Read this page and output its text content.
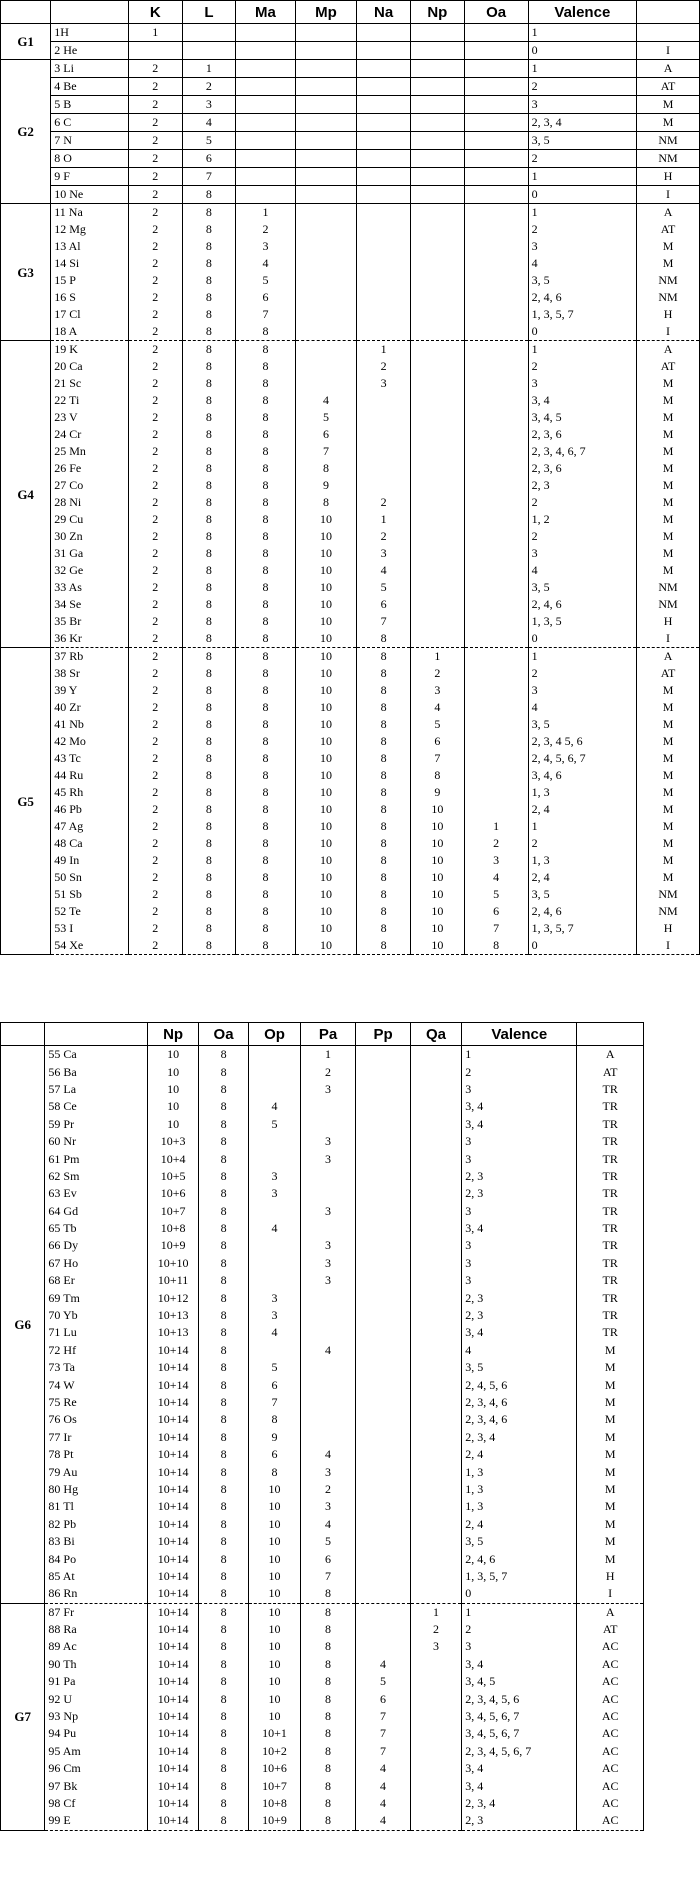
		K	L	Ma	Mp	Na	Np	Oa	Valence	
G1	1H	1							1	
	2 He								0	I
G2	3 Li	2	1						1	A
	4 Be	2	2						2	AT
	5 B	2	3						3	M
	6 C	2	4						2, 3, 4	M
	7 N	2	5						3, 5	NM
	8 O	2	6						2	NM
	9 F	2	7						1	H
	10 Ne	2	8						0	I
G3	11 Na	2	8	1					1	A
	12 Mg	2	8	2					2	AT
	13 Al	2	8	3					3	M
	14 Si	2	8	4					4	M
	15 P	2	8	5					3, 5	NM
	16 S	2	8	6					2, 4, 6	NM
	17 Cl	2	8	7					1, 3, 5, 7	H
	18 A	2	8	8					0	I
G4	19 K	2	8	8		1			1	A
	20 Ca	2	8	8		2			2	AT
	21 Sc	2	8	8		3			3	M
	22 Ti	2	8	8	4				3, 4	M
	23 V	2	8	8	5				3, 4, 5	M
	24 Cr	2	8	8	6				2, 3, 6	M
	25 Mn	2	8	8	7				2, 3, 4, 6, 7	M
	26 Fe	2	8	8	8				2, 3, 6	M
	27 Co	2	8	8	9				2, 3	M
	28 Ni	2	8	8	8	2			2	M
	29 Cu	2	8	8	10	1			1, 2	M
	30 Zn	2	8	8	10	2			2	M
	31 Ga	2	8	8	10	3			3	M
	32 Ge	2	8	8	10	4			4	M
	33 As	2	8	8	10	5			3, 5	NM
	34 Se	2	8	8	10	6			2, 4, 6	NM
	35 Br	2	8	8	10	7			1, 3, 5	H
	36 Kr	2	8	8	10	8			0	I
G5	37 Rb	2	8	8	10	8	1		1	A
	38 Sr	2	8	8	10	8	2		2	AT
	39 Y	2	8	8	10	8	3		3	M
	40 Zr	2	8	8	10	8	4		4	M
	41 Nb	2	8	8	10	8	5		3, 5	M
	42 Mo	2	8	8	10	8	6		2, 3, 4 5, 6	M
	43 Tc	2	8	8	10	8	7		2, 4, 5, 6, 7	M
	44 Ru	2	8	8	10	8	8		3, 4, 6	M
	45 Rh	2	8	8	10	8	9		1, 3	M
	46 Pb	2	8	8	10	8	10		2, 4	M
	47 Ag	2	8	8	10	8	10	1	1	M
	48 Ca	2	8	8	10	8	10	2	2	M
	49 In	2	8	8	10	8	10	3	1, 3	M
	50 Sn	2	8	8	10	8	10	4	2, 4	M
	51 Sb	2	8	8	10	8	10	5	3, 5	NM
	52 Te	2	8	8	10	8	10	6	2, 4, 6	NM
	53 I	2	8	8	10	8	10	7	1, 3, 5, 7	H
	54 Xe	2	8	8	10	8	10	8	0	I
		Np	Oa	Op	Pa	Pp	Qa	Valence	
G6	55 Ca	10	8		1			1	A
	56 Ba	10	8		2			2	AT
	57 La	10	8		3			3	TR
	58 Ce	10	8	4				3, 4	TR
	59 Pr	10	8	5				3, 4	TR
	60 Nr	10+3	8		3			3	TR
	61 Pm	10+4	8		3			3	TR
	62 Sm	10+5	8	3				2, 3	TR
	63 Ev	10+6	8	3				2, 3	TR
	64 Gd	10+7	8		3			3	TR
	65 Tb	10+8	8	4				3, 4	TR
	66 Dy	10+9	8		3			3	TR
	67 Ho	10+10	8		3			3	TR
	68 Er	10+11	8		3			3	TR
	69 Tm	10+12	8	3				2, 3	TR
	70 Yb	10+13	8	3				2, 3	TR
	71 Lu	10+13	8	4				3, 4	TR
	72 Hf	10+14	8		4			4	M
	73 Ta	10+14	8	5				3, 5	M
	74 W	10+14	8	6				2, 4, 5, 6	M
	75 Re	10+14	8	7				2, 3, 4, 6	M
	76 Os	10+14	8	8				2, 3, 4, 6	M
	77 Ir	10+14	8	9				2, 3, 4	M
	78 Pt	10+14	8	6	4			2, 4	M
	79 Au	10+14	8	8	3			1, 3	M
	80 Hg	10+14	8	10	2			1, 3	M
	81 Tl	10+14	8	10	3			1, 3	M
	82 Pb	10+14	8	10	4			2, 4	M
	83 Bi	10+14	8	10	5			3, 5	M
	84 Po	10+14	8	10	6			2, 4, 6	M
	85 At	10+14	8	10	7			1, 3, 5, 7	H
	86 Rn	10+14	8	10	8			0	I
G7	87 Fr	10+14	8	10	8		1	1	A
	88 Ra	10+14	8	10	8		2	2	AT
	89 Ac	10+14	8	10	8		3	3	AC
	90 Th	10+14	8	10	8	4		3, 4	AC
	91 Pa	10+14	8	10	8	5		3, 4, 5	AC
	92 U	10+14	8	10	8	6		2, 3, 4, 5, 6	AC
	93 Np	10+14	8	10	8	7		3, 4, 5, 6, 7	AC
	94 Pu	10+14	8	10+1	8	7		3, 4, 5, 6, 7	AC
	95 Am	10+14	8	10+2	8	7		2, 3, 4, 5, 6, 7	AC
	96 Cm	10+14	8	10+6	8	4		3, 4	AC
	97 Bk	10+14	8	10+7	8	4		3, 4	AC
	98 Cf	10+14	8	10+8	8	4		2, 3, 4	AC
	99 E	10+14	8	10+9	8	4		2, 3	AC
